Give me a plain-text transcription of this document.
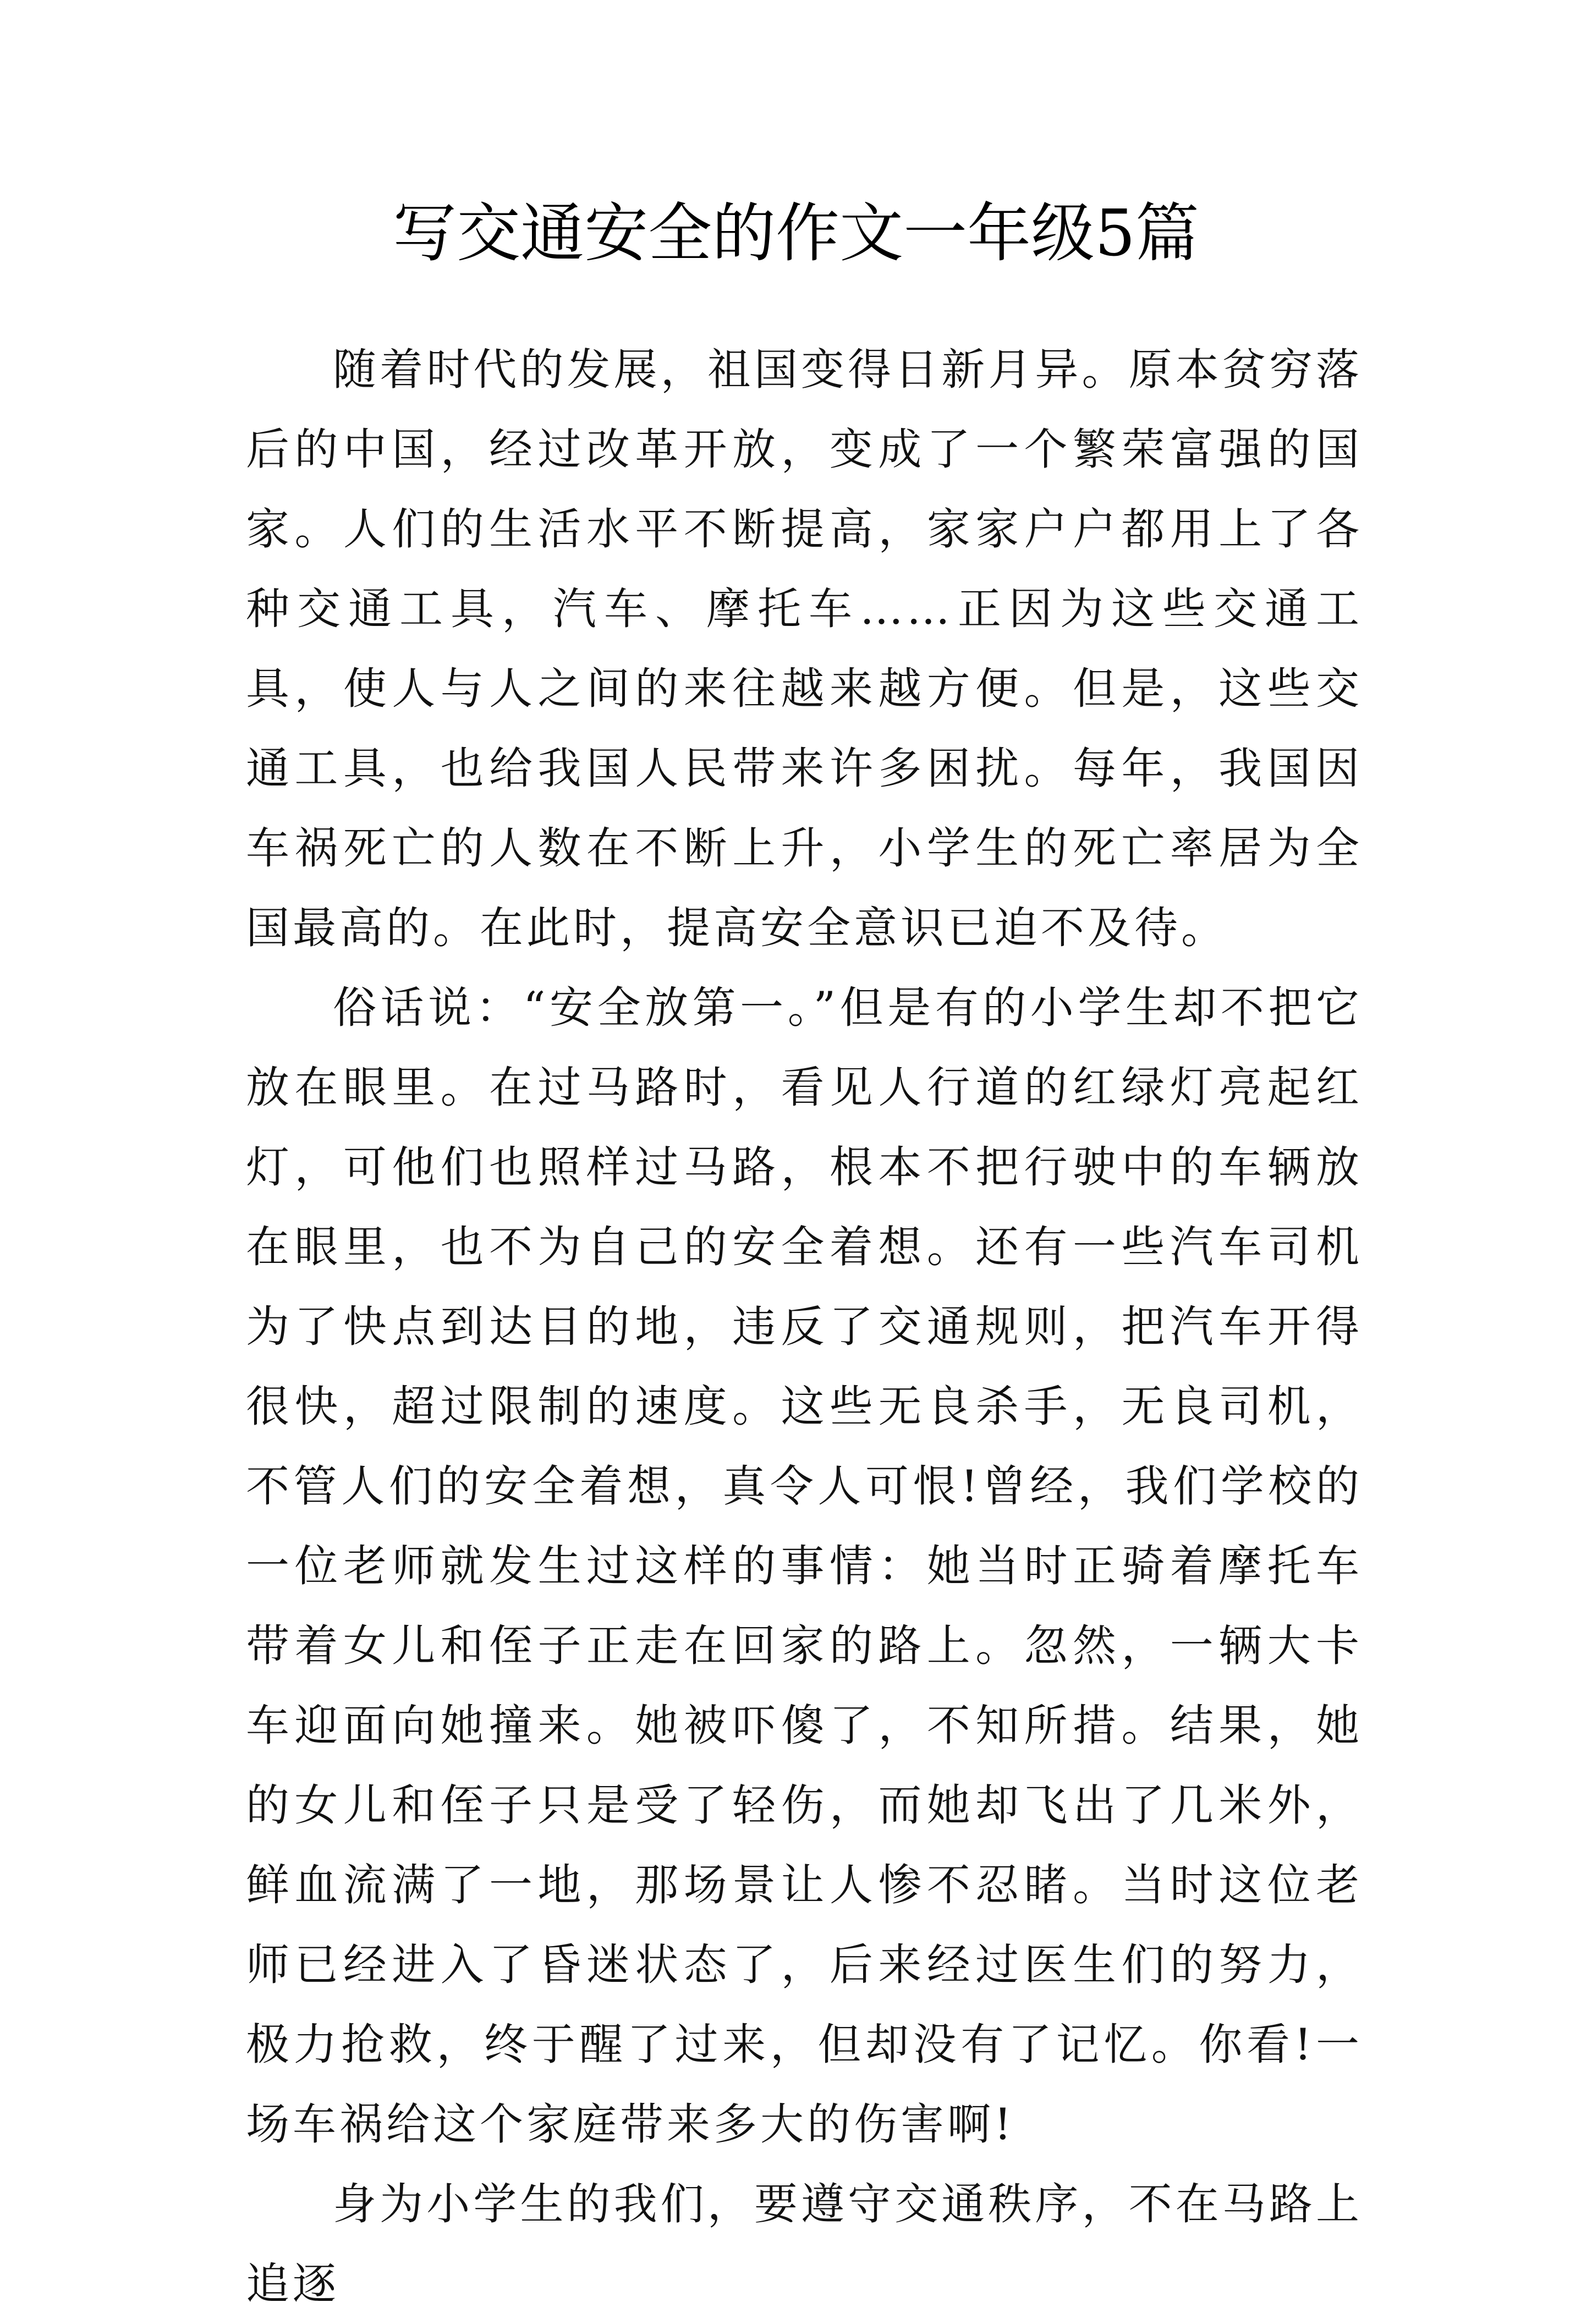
写交通安全的作文一年级5篇

随着时代的发展，祖国变得日新月异。原本贫穷落后的中国，经过改革开放，变成了一个繁荣富强的国家。人们的生活水平不断提高，家家户户都用上了各种交通工具，汽车、摩托车……正因为这些交通工具，使人与人之间的来往越来越方便。但是，这些交通工具，也给我国人民带来许多困扰。每年，我国因车祸死亡的人数在不断上升，小学生的死亡率居为全国最高的。在此时，提高安全意识已迫不及待。

俗话说：“安全放第一。”但是有的小学生却不把它放在眼里。在过马路时，看见人行道的红绿灯亮起红灯，可他们也照样过马路，根本不把行驶中的车辆放在眼里，也不为自己的安全着想。还有一些汽车司机为了快点到达目的地，违反了交通规则，把汽车开得很快，超过限制的速度。这些无良杀手，无良司机，不管人们的安全着想，真令人可恨!曾经，我们学校的一位老师就发生过这样的事情：她当时正骑着摩托车带着女儿和侄子正走在回家的路上。忽然，一辆大卡车迎面向她撞来。她被吓傻了，不知所措。结果，她的女儿和侄子只是受了轻伤，而她却飞出了几米外，鲜血流满了一地，那场景让人惨不忍睹。当时这位老师已经进入了昏迷状态了，后来经过医生们的努力，极力抢救，终于醒了过来，但却没有了记忆。你看!一场车祸给这个家庭带来多大的伤害啊!

身为小学生的我们，要遵守交通秩序，不在马路上追逐
